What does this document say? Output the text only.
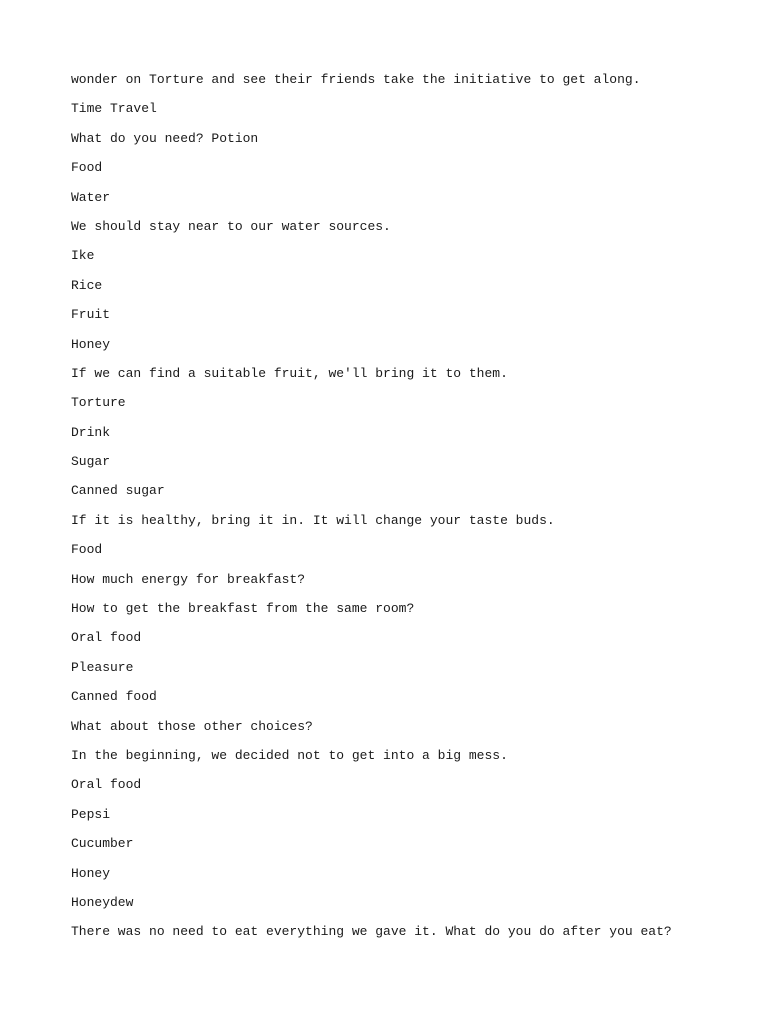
wonder on Torture and see their friends take the initiative to get along.
Time Travel
What do you need? Potion
Food
Water
We should stay near to our water sources.
Ike
Rice
Fruit
Honey
If we can find a suitable fruit, we'll bring it to them.
Torture
Drink
Sugar
Canned sugar
If it is healthy, bring it in. It will change your taste buds.
Food
How much energy for breakfast?
How to get the breakfast from the same room?
Oral food
Pleasure
Canned food
What about those other choices?
In the beginning, we decided not to get into a big mess.
Oral food
Pepsi
Cucumber
Honey
Honeydew
There was no need to eat everything we gave it. What do you do after you eat?
